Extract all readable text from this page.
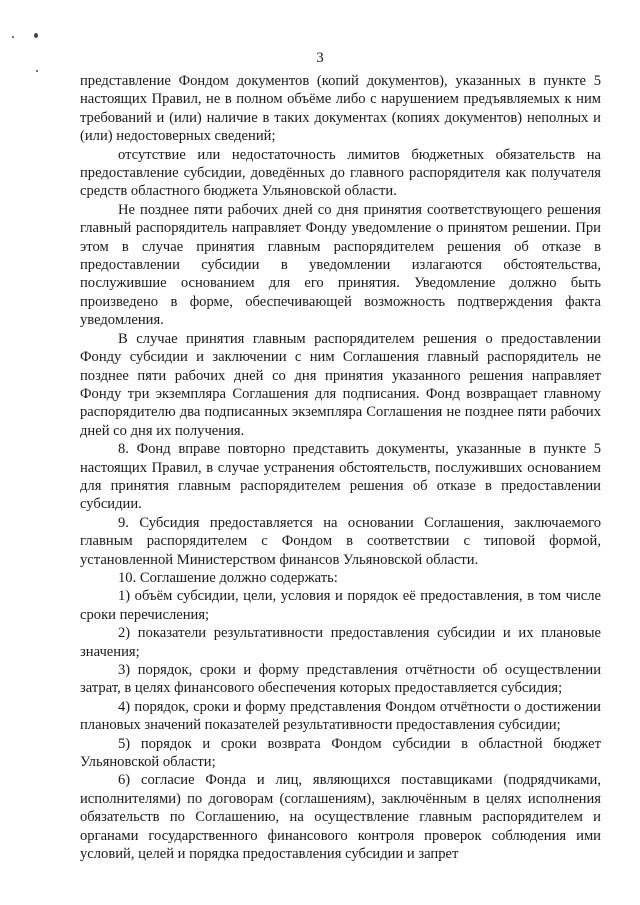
3

представление Фондом документов (копий документов), указанных в пункте 5 настоящих Правил, не в полном объёме либо с нарушением предъявляемых к ним требований и (или) наличие в таких документах (копиях документов) неполных и (или) недостоверных сведений;

отсутствие или недостаточность лимитов бюджетных обязательств на предоставление субсидии, доведённых до главного распорядителя как получателя средств областного бюджета Ульяновской области.

Не позднее пяти рабочих дней со дня принятия соответствующего решения главный распорядитель направляет Фонду уведомление о принятом решении. При этом в случае принятия главным распорядителем решения об отказе в предоставлении субсидии в уведомлении излагаются обстоятельства, послужившие основанием для его принятия. Уведомление должно быть произведено в форме, обеспечивающей возможность подтверждения факта уведомления.

В случае принятия главным распорядителем решения о предоставлении Фонду субсидии и заключении с ним Соглашения главный распорядитель не позднее пяти рабочих дней со дня принятия указанного решения направляет Фонду три экземпляра Соглашения для подписания. Фонд возвращает главному распорядителю два подписанных экземпляра Соглашения не позднее пяти рабочих дней со дня их получения.

8. Фонд вправе повторно представить документы, указанные в пункте 5 настоящих Правил, в случае устранения обстоятельств, послуживших основанием для принятия главным распорядителем решения об отказе в предоставлении субсидии.

9. Субсидия предоставляется на основании Соглашения, заключаемого главным распорядителем с Фондом в соответствии с типовой формой, установленной Министерством финансов Ульяновской области.

10. Соглашение должно содержать:

1) объём субсидии, цели, условия и порядок её предоставления, в том числе сроки перечисления;

2) показатели результативности предоставления субсидии и их плановые значения;

3) порядок, сроки и форму представления отчётности об осуществлении затрат, в целях финансового обеспечения которых предоставляется субсидия;

4) порядок, сроки и форму представления Фондом отчётности о достижении плановых значений показателей результативности предоставления субсидии;

5) порядок и сроки возврата Фондом субсидии в областной бюджет Ульяновской области;

6) согласие Фонда и лиц, являющихся поставщиками (подрядчиками, исполнителями) по договорам (соглашениям), заключённым в целях исполнения обязательств по Соглашению, на осуществление главным распорядителем и органами государственного финансового контроля проверок соблюдения ими условий, целей и порядка предоставления субсидии и запрет
